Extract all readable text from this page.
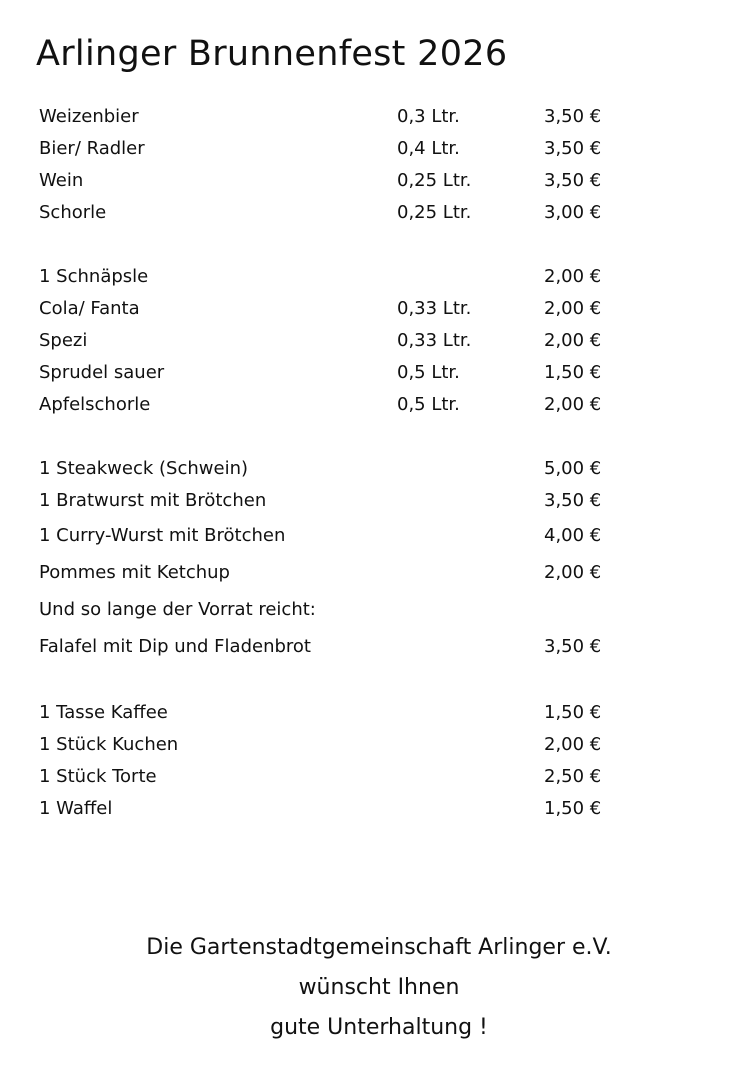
Arlinger Brunnenfest 2026
Weizenbier	0,3 Ltr.	3,50 €
Bier/ Radler	0,4 Ltr.	3,50 €
Wein	0,25 Ltr.	3,50 €
Schorle	0,25 Ltr.	3,00 €
1 Schnäpsle	2,00 €
Cola/ Fanta	0,33 Ltr.	2,00 €
Spezi	0,33 Ltr.	2,00 €
Sprudel sauer	0,5 Ltr.	1,50 €
Apfelschorle	0,5 Ltr.	2,00 €
1 Steakweck (Schwein)	5,00 €
1 Bratwurst mit Brötchen	3,50 €
1 Curry-Wurst mit Brötchen	4,00 €
Pommes mit Ketchup	2,00 €
Und so lange der Vorrat reicht:
Falafel mit Dip und Fladenbrot	3,50 €
1 Tasse Kaffee	1,50 €
1 Stück Kuchen	2,00 €
1 Stück Torte	2,50 €
1 Waffel	1,50 €
Die Gartenstadtgemeinschaft Arlinger e.V.
wünscht Ihnen
gute Unterhaltung !
